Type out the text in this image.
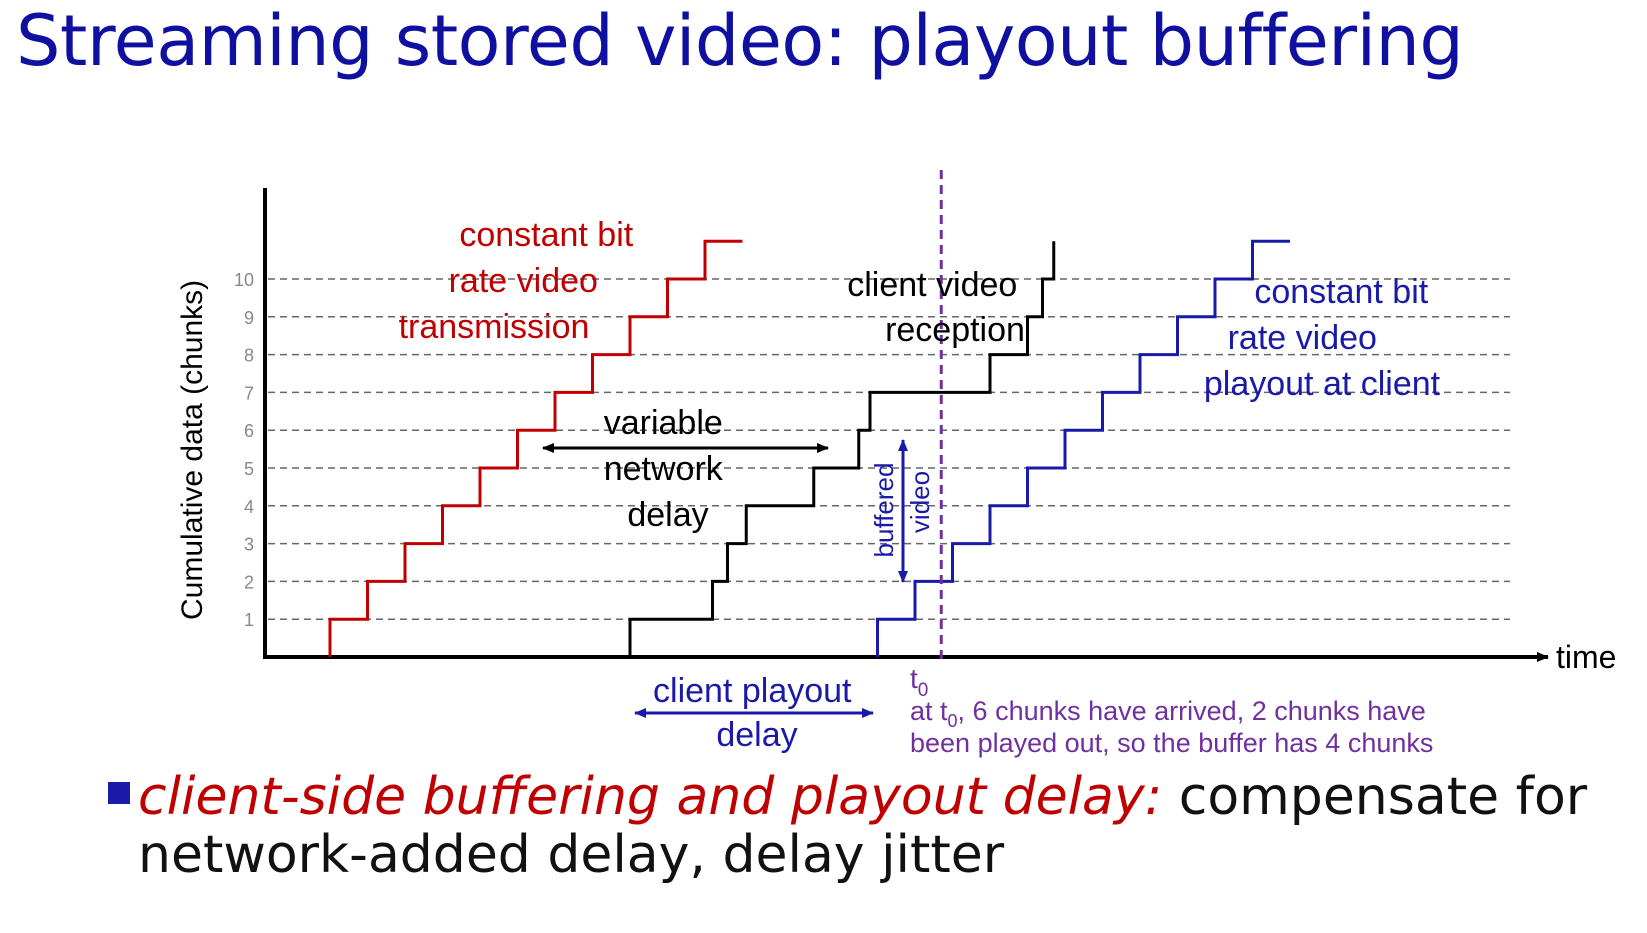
Streaming stored video: playout buffering
1
2
3
4
5
6
7
8
9
10
Cumulative data (chunks)
time
constant bit rate video transmission
client video reception
constant bit rate video playout at client
variable network delay	buffered video
client playout delay
$t_0$
at $t_0$, 6 chunks have arrived, 2 chunks have been played out, so the buffer has 4 chunks
client-side buffering and playout delay: compensate for
network-added delay, delay jitter
